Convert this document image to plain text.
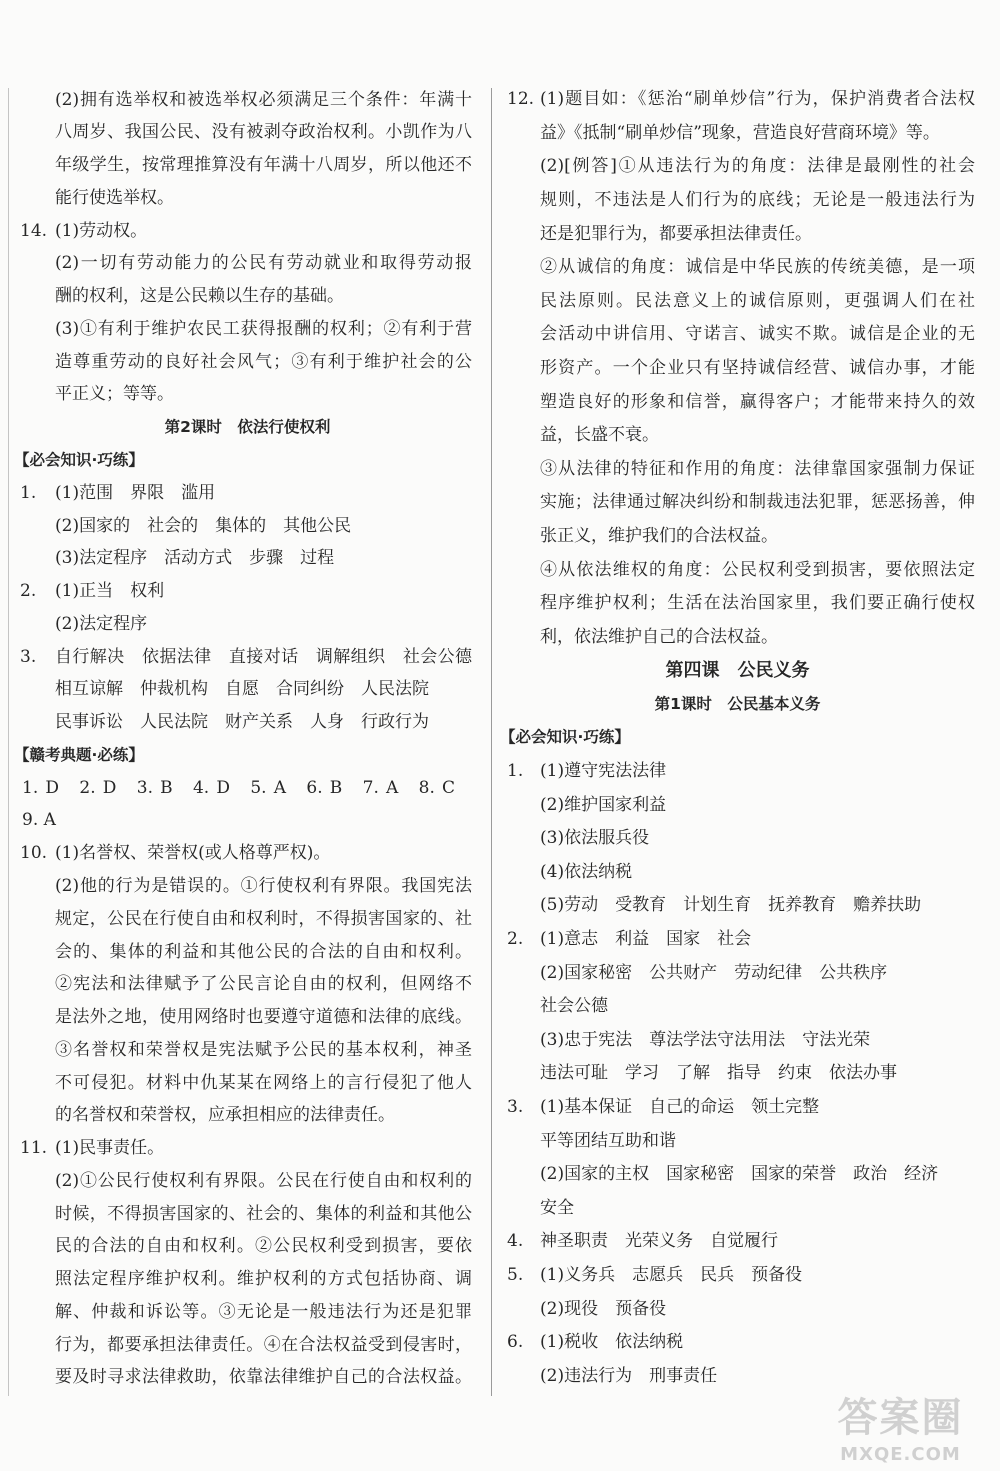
(2)拥有选举权和被选举权必须满足三个条件：年满十
八周岁、我国公民、没有被剥夺政治权利。小凯作为八
年级学生，按常理推算没有年满十八周岁，所以他还不
能行使选举权。
14. (1)劳动权。
(2)一切有劳动能力的公民有劳动就业和取得劳动报
酬的权利，这是公民赖以生存的基础。
(3)①有利于维护农民工获得报酬的权利；②有利于营
造尊重劳动的良好社会风气；③有利于维护社会的公
平正义；等等。
第2课时　依法行使权利
【必会知识·巧练】
1. (1)范围　界限　滥用
(2)国家的　社会的　集体的　其他公民
(3)法定程序　活动方式　步骤　过程
2. (1)正当　权利
(2)法定程序
3. 自行解决　依据法律　直接对话　调解组织　社会公德
相互谅解　仲裁机构　自愿　合同纠纷　人民法院
民事诉讼　人民法院　财产关系　人身　行政行为
【赣考典题·必练】
1. D　2. D　3. B　4. D　5. A　6. B　7. A　8. C
9. A
10. (1)名誉权、荣誉权(或人格尊严权)。
(2)他的行为是错误的。①行使权利有界限。我国宪法
规定，公民在行使自由和权利时，不得损害国家的、社
会的、集体的利益和其他公民的合法的自由和权利。
②宪法和法律赋予了公民言论自由的权利，但网络不
是法外之地，使用网络时也要遵守道德和法律的底线。
③名誉权和荣誉权是宪法赋予公民的基本权利，神圣
不可侵犯。材料中仇某某在网络上的言行侵犯了他人
的名誉权和荣誉权，应承担相应的法律责任。
11. (1)民事责任。
(2)①公民行使权利有界限。公民在行使自由和权利的
时候，不得损害国家的、社会的、集体的利益和其他公
民的合法的自由和权利。②公民权利受到损害，要依
照法定程序维护权利。维护权利的方式包括协商、调
解、仲裁和诉讼等。③无论是一般违法行为还是犯罪
行为，都要承担法律责任。④在合法权益受到侵害时，
要及时寻求法律救助，依靠法律维护自己的合法权益。
12. (1)题目如：《惩治“刷单炒信”行为，保护消费者合法权
益》《抵制“刷单炒信”现象，营造良好营商环境》等。
(2)[例答]①从违法行为的角度：法律是最刚性的社会
规则，不违法是人们行为的底线；无论是一般违法行为
还是犯罪行为，都要承担法律责任。
②从诚信的角度：诚信是中华民族的传统美德，是一项
民法原则。民法意义上的诚信原则，更强调人们在社
会活动中讲信用、守诺言、诚实不欺。诚信是企业的无
形资产。一个企业只有坚持诚信经营、诚信办事，才能
塑造良好的形象和信誉，赢得客户；才能带来持久的效
益，长盛不衰。
③从法律的特征和作用的角度：法律靠国家强制力保证
实施；法律通过解决纠纷和制裁违法犯罪，惩恶扬善，伸
张正义，维护我们的合法权益。
④从依法维权的角度：公民权利受到损害，要依照法定
程序维护权利；生活在法治国家里，我们要正确行使权
利，依法维护自己的合法权益。
第四课　公民义务
第1课时　公民基本义务
【必会知识·巧练】
1. (1)遵守宪法法律
(2)维护国家利益
(3)依法服兵役
(4)依法纳税
(5)劳动　受教育　计划生育　抚养教育　赡养扶助
2. (1)意志　利益　国家　社会
(2)国家秘密　公共财产　劳动纪律　公共秩序
社会公德
(3)忠于宪法　尊法学法守法用法　守法光荣
违法可耻　学习　了解　指导　约束　依法办事
3. (1)基本保证　自己的命运　领土完整
平等团结互助和谐
(2)国家的主权　国家秘密　国家的荣誉　政治　经济
安全
4. 神圣职责　光荣义务　自觉履行
5. (1)义务兵　志愿兵　民兵　预备役
(2)现役　预备役
6. (1)税收　依法纳税
(2)违法行为　刑事责任
答案圈
MXQE.COM
